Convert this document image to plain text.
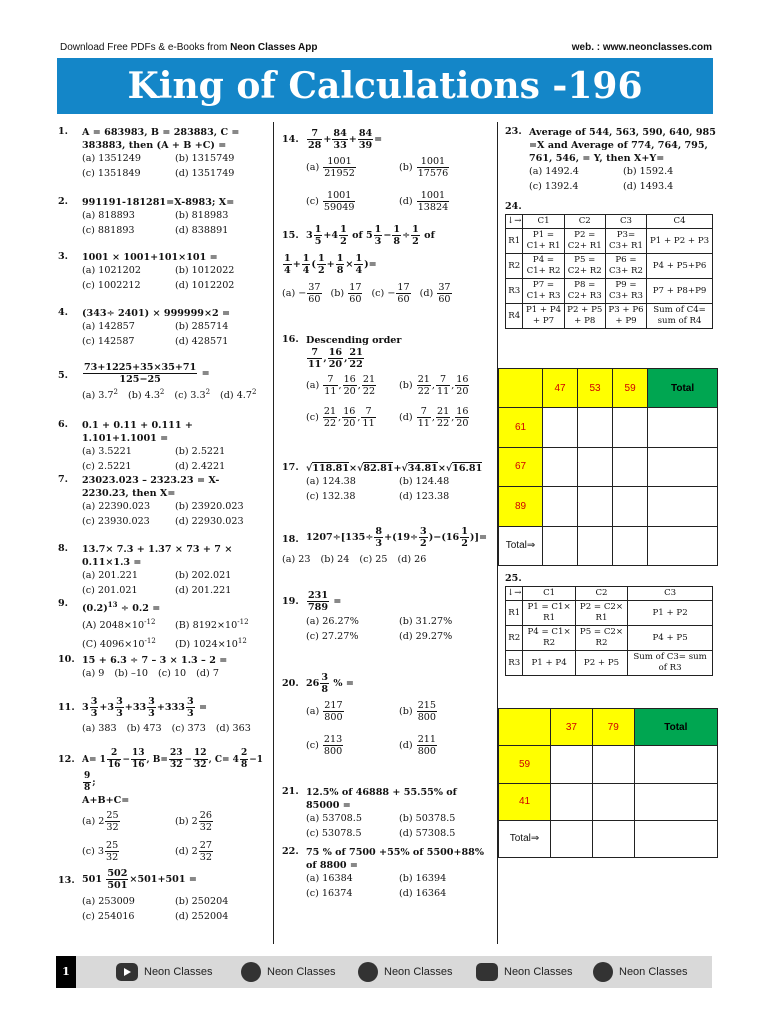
Download Free PDFs & e-Books from Neon Classes App	web. : www.neonclasses.com
King of Calculations -196
1. A = 683983, B = 283883, C = 383883, then (A + B +C) =
(a) 1351249	(b) 1315749
(c) 1351849	(d) 1351749
2. 991191-181281=X-8983; X=
(a) 818893	(b) 818983
(c) 881893	(d) 838891
3. 1001 × 1001+101×101 =
(a) 1021202	(b) 1012022
(c) 1002212	(d) 1012202
4. (343÷ 2401) × 999999×2 =
(a) 142857	(b) 285714
(c) 142587	(d) 428571
5. $\frac{73+1225+35\times 35+71}{125-25}$ =
(a) $3.7^2$ (b) $4.3^2$ (c) $3.3^2$ (d) $4.7^2$
6. 0.1 + 0.11 + 0.111 + 1.101+1.1001 =
(a) 3.5221	(b) 2.5221
(c) 2.5221	(d) 2.4221
7. 23023.023 – 2323.23 = X- 2230.23, then X=
(a) 22390.023	(b) 23920.023
(c) 23930.023	(d) 22930.023
8. 13.7× 7.3 + 1.37 × 73 + 7 × 0.11×1.3 =
(a) 201.221	(b) 202.021
(c) 201.021	(d) 201.221
9. $(0.2)^{13} \div 0.2$ =
(A) $2048\times 10^{-12}$	(B) $8192\times 10^{-12}$
(C) $4096\times 10^{-12}$	(D) $1024\times 10^{12}$
10. 15 + 6.3 ÷ 7 – 3 × 1.3 – 2 =
(a) 9 (b) –10 (c) 10 (d) 7
11. $3 \frac{3}{3} +3 \frac{3}{3} +33 \frac{3}{3} +333 \frac{3}{3}$ =
(a) 383 (b) 473 (c) 373 (d) 363
12. $A= 1 \frac{2}{16} - \frac{13}{16}$ , $B= \frac{23}{32} - \frac{12}{32}$ , $C= 4 \frac{2}{8} -1$
$\frac{9}{8}$ ;
A+B+C=
(a) $2 \frac{25}{32}$	(b) $2 \frac{26}{32}$
(c) $3 \frac{25}{32}$	(d) $2 \frac{27}{32}$
13. $501 \frac{502}{501} \times 501+501$ =
(a) 253009	(b) 250204
(c) 254016	(d) 252004
14. $\frac{7}{28} + \frac{84}{33} + \frac{84}{39}$ =
$(a) \frac{1001}{21952}$	$(b) \frac{1001}{17576}$
$(c) \frac{1001}{59049}$	$(d) \frac{1001}{13824}$
15. $3 \frac{1}{5} +4 \frac{1}{2}$ of $5 \frac{1}{3} - \frac{1}{8} \div \frac{1}{2}$ of
$\frac{1}{4} + \frac{1}{4}$ ( $\frac{1}{2} + \frac{1}{8} \times \frac{1}{4}$ )=
$(a) - \frac{37}{60} (b) \frac{17}{60} (c) - \frac{17}{60} (d) \frac{37}{60}$
16. Descending order
$\frac{7}{11}$ , $\frac{16}{20}$ , $\frac{21}{22}$
$(a) \frac{7}{11}$ , $\frac{16}{20}$ , $\frac{21}{22} (b) \frac{21}{22}$ , $\frac{7}{11}$ , $\frac{16}{20}$
$(c) \frac{21}{22}$ , $\frac{16}{20}$ , $\frac{7}{11} (d) \frac{7}{11}$ , $\frac{21}{22}$ , $\frac{16}{20}$
17. √118.81×√82.81+√34.81×√16.81
(a) 124.38	(b) 124.48
(c) 132.38	(d) 123.38
18. $1207\div[135\div \frac{8}{3} +(19\div \frac{3}{2} )-(16 \frac{1}{2}$ )]=
(a) 23 (b) 24 (c) 25 (d) 26
19. $\frac{231}{789}$ =
(a) 26.27%	(b) 31.27%
(c) 27.27%	(d) 29.27%
20. $26 \frac{3}{8}$ % =
$(a) \frac{217}{800}$	$(b) \frac{215}{800}$
$(c) \frac{213}{800}$	$(d) \frac{211}{800}$
21. 12.5% of 46888 + 55.55% of 85000 =
(a) 53708.5	(b) 50378.5
(c) 53078.5	(d) 57308.5
22. 75 % of 7500 +55% of 5500+88% of 8800 =
(a) 16384	(b) 16394
(c) 16374	(d) 16364
23. Average of 544, 563, 590, 640, 985 =X and Average of 774, 764, 795, 761, 546, = Y, then X+Y=
(a) 1492.4	(b) 1592.4
(c) 1392.4	(d) 1493.4
24.
↓→	C1	C2	C3	C4
R1	P1 = C1+ R1	P2 = C2+ R1	P3= C3+ R1	P1 + P2 + P3
R2	P4 = C1+ R2	P5 = C2+ R2	P6 = C3+ R2	P4 + P5+P6
R3	P7 = C1+ R3	P8 = C2+ R3	P9 = C3+ R3	P7 + P8+P9
R4	P1 + P4 + P7	P2 + P5 + P8	P3 + P6 + P9	Sum of C4= sum of R4
	47	53	59	Total
61				
67				
89				
Total⇒				
25.
↓→	C1	C2	C3
R1	P1 = C1× R1	P2 = C2× R1	P1 + P2
R2	P4 = C1× R2	P5 = C2× R2	P4 + P5
R3	P1 + P4	P2 + P5	Sum of C3= sum of R3
	37	79	Total
59			
41			
Total⇒			
1	Neon Classes	Neon Classes	Neon Classes	Neon Classes	Neon Classes
